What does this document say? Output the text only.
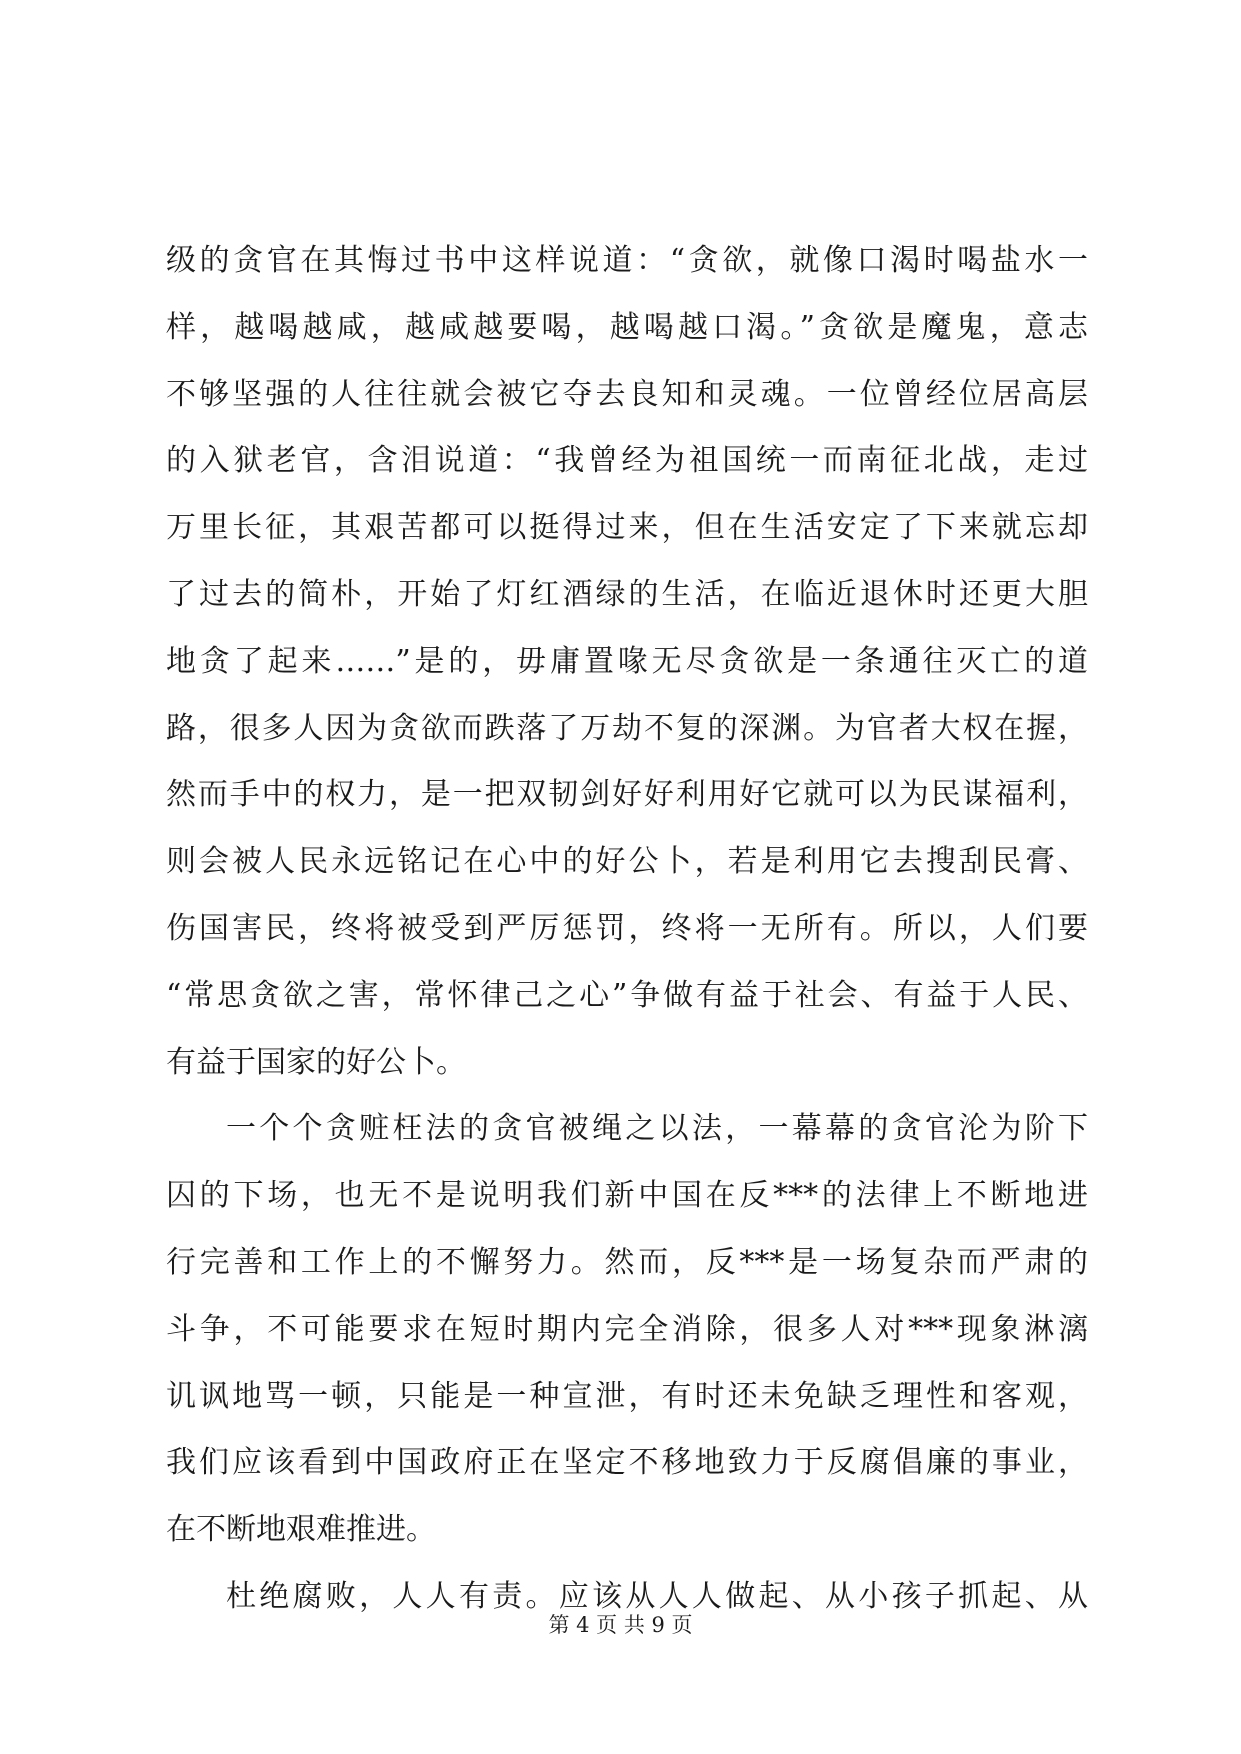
级的贪官在其悔过书中这样说道：“贪欲，就像口渴时喝盐水一
样，越喝越咸，越咸越要喝，越喝越口渴。”贪欲是魔鬼，意志
不够坚强的人往往就会被它夺去良知和灵魂。一位曾经位居高层
的入狱老官，含泪说道：“我曾经为祖国统一而南征北战，走过
万里长征，其艰苦都可以挺得过来，但在生活安定了下来就忘却
了过去的简朴，开始了灯红酒绿的生活，在临近退休时还更大胆
地贪了起来……”是的，毋庸置喙无尽贪欲是一条通往灭亡的道
路，很多人因为贪欲而跌落了万劫不复的深渊。为官者大权在握，
然而手中的权力，是一把双韧剑好好利用好它就可以为民谋福利，
则会被人民永远铭记在心中的好公卜，若是利用它去搜刮民膏、
伤国害民，终将被受到严厉惩罚，终将一无所有。所以，人们要
“常思贪欲之害，常怀律己之心”争做有益于社会、有益于人民、
有益于国家的好公卜。
一个个贪赃枉法的贪官被绳之以法，一幕幕的贪官沦为阶下
囚的下场，也无不是说明我们新中国在反***的法律上不断地进
行完善和工作上的不懈努力。然而，反***是一场复杂而严肃的
斗争，不可能要求在短时期内完全消除，很多人对***现象淋漓
讥讽地骂一顿，只能是一种宣泄，有时还未免缺乏理性和客观，
我们应该看到中国政府正在坚定不移地致力于反腐倡廉的事业，
在不断地艰难推进。
杜绝腐败，人人有责。应该从人人做起、从小孩子抓起、从
第 4 页 共 9 页
